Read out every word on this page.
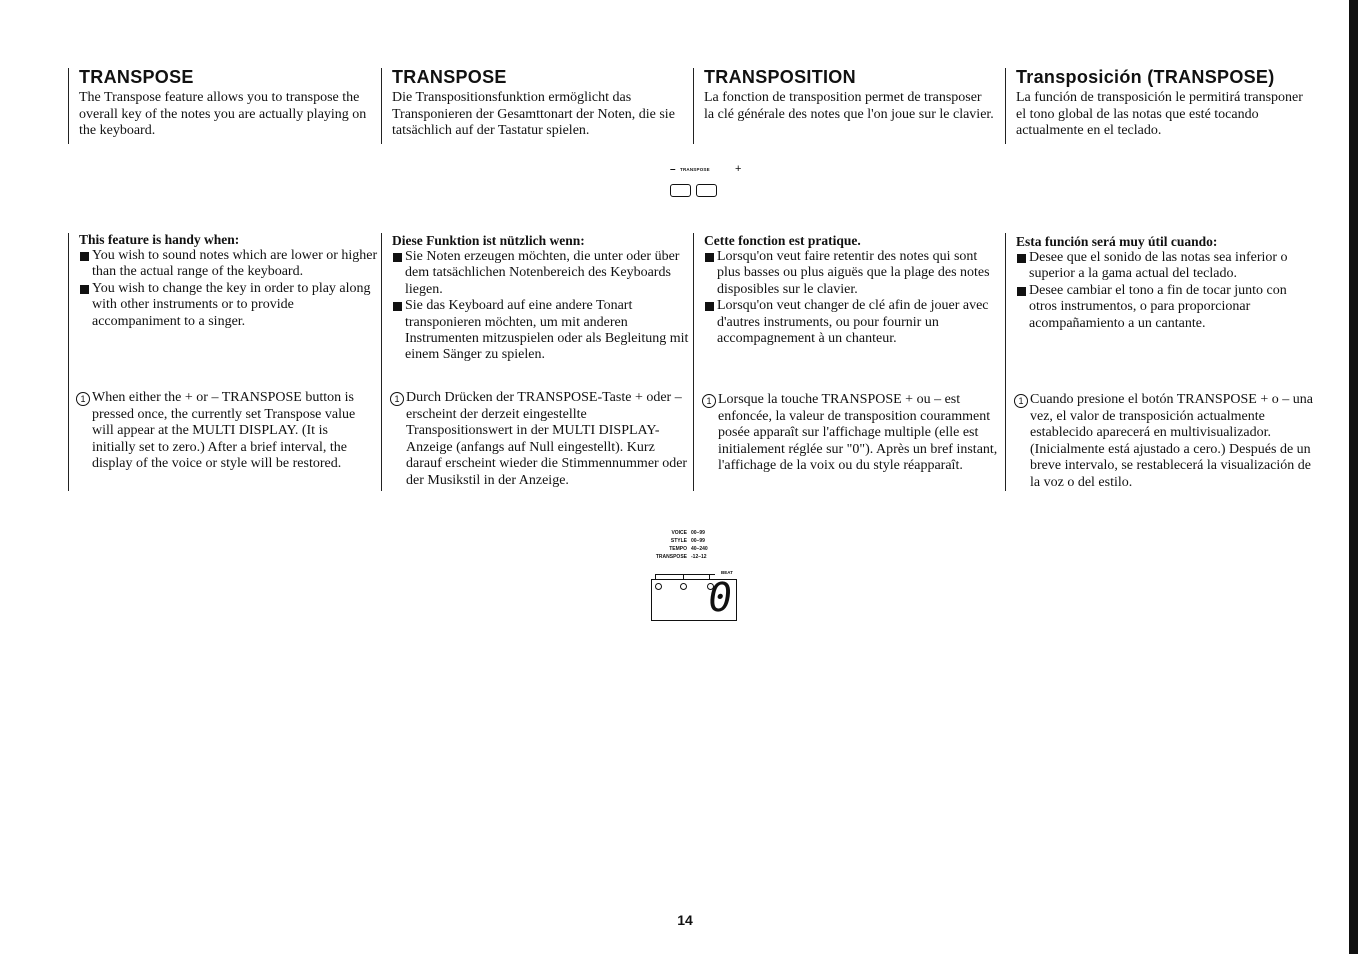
TRANSPOSE

The Transpose feature allows you to transpose the overall key of the notes you are actually playing on the keyboard.

This feature is handy when:
You wish to sound notes which are lower or higher than the actual range of the keyboard.
You wish to change the key in order to play along with other instruments or to provide accompaniment to a singer.
1 When either the + or – TRANSPOSE button is pressed once, the currently set Transpose value will appear at the MULTI DISPLAY. (It is initially set to zero.) After a brief interval, the display of the voice or style will be restored.
TRANSPOSE

Die Transpositionsfunktion ermöglicht das Transponieren der Gesamttonart der Noten, die sie tatsächlich auf der Tastatur spielen.

Diese Funktion ist nützlich wenn:
Sie Noten erzeugen möchten, die unter oder über dem tatsächlichen Notenbereich des Keyboards liegen.
Sie das Keyboard auf eine andere Tonart transponieren möchten, um mit anderen Instrumenten mitzuspielen oder als Begleitung mit einem Sänger zu spielen.
1 Durch Drücken der TRANSPOSE-Taste + oder – erscheint der derzeit eingestellte Transpositionswert in der MULTI DISPLAY-Anzeige (anfangs auf Null eingestellt). Kurz darauf erscheint wieder die Stimmennummer oder der Musikstil in der Anzeige.
TRANSPOSITION

La fonction de transposition permet de transposer la clé générale des notes que l'on joue sur le clavier.

Cette fonction est pratique.
Lorsqu'on veut faire retentir des notes qui sont plus basses ou plus aiguës que la plage des notes disposibles sur le clavier.
Lorsqu'on veut changer de clé afin de jouer avec d'autres instruments, ou pour fournir un accompagnement à un chanteur.
1 Lorsque la touche TRANSPOSE + ou – est enfoncée, la valeur de transposition couramment posée apparaît sur l'affichage multiple (elle est initialement réglée sur "0"). Après un bref instant, l'affichage de la voix ou du style réapparaît.
Transposición (TRANSPOSE)

La función de transposición le permitirá transponer el tono global de las notas que esté tocando actualmente en el teclado.

Esta función será muy útil cuando:
Desee que el sonido de las notas sea inferior o superior a la gama actual del teclado.
Desee cambiar el tono a fin de tocar junto con otros instrumentos, o para proporcionar acompañamiento a un cantante.
1 Cuando presione el botón TRANSPOSE + o – una vez, el valor de transposición actualmente establecido aparecerá en multivisualizador. (Inicialmente está ajustado a cero.) Después de un breve intervalo, se restablecerá la visualización de la voz o del estilo.
– TRANSPOSE +
VOICE 00–99
STYLE 00–99
TEMPO 40–240
TRANSPOSE -12–12
BEAT
0
14
